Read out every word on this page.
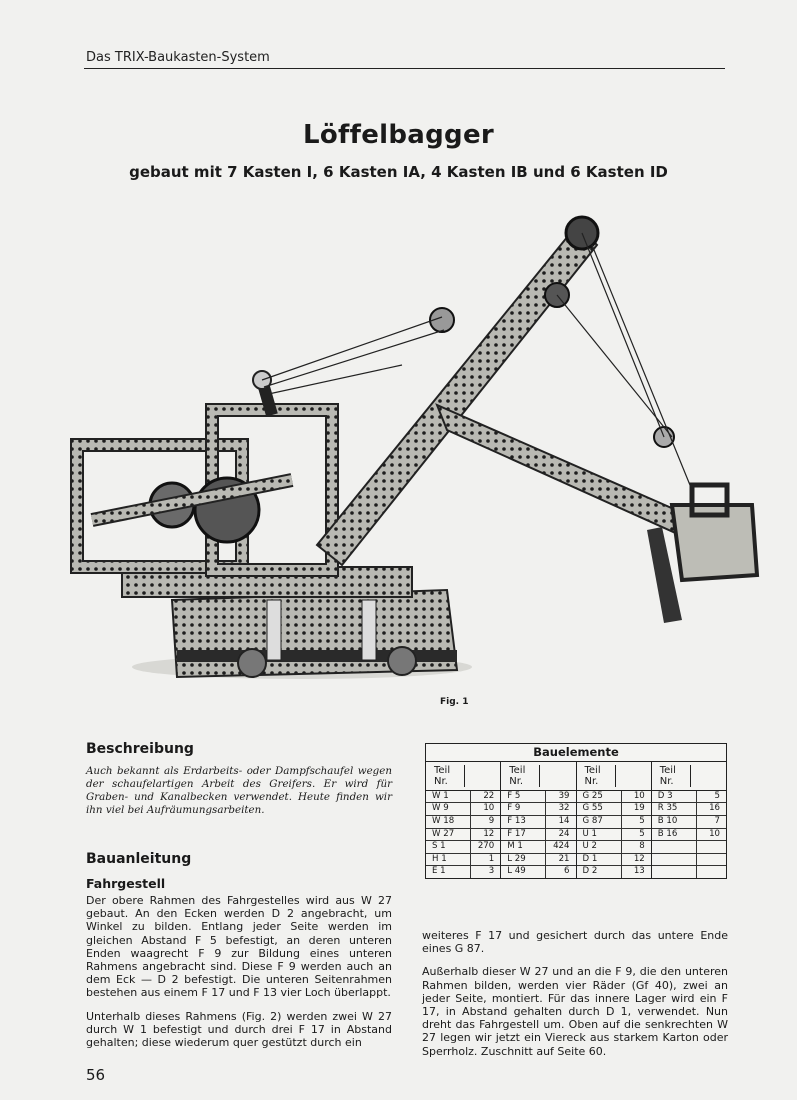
Das TRIX-Baukasten-System
Löffelbagger
gebaut mit 7 Kasten I, 6 Kasten IA, 4 Kasten IB und 6 Kasten ID
Fig. 1
Beschreibung
Auch bekannt als Erdarbeits- oder Dampfschaufel wegen der schaufelartigen Arbeit des Greifers. Er wird für Graben- und Kanalbecken verwendet. Heute finden wir ihn viel bei Aufräumungsarbeiten.
Bauanleitung
Fahrgestell

Der obere Rahmen des Fahrgestelles wird aus W 27 gebaut. An den Ecken werden D 2 angebracht, um Winkel zu bilden. Entlang jeder Seite werden im gleichen Abstand F 5 befestigt, an deren unteren Enden waagrecht F 9 zur Bildung eines unteren Rahmens angebracht sind. Diese F 9 werden auch an dem Eck — D 2 befestigt. Die unteren Seitenrahmen bestehen aus einem F 17 und F 13 vier Loch überlappt.

Unterhalb dieses Rahmens (Fig. 2) werden zwei W 27 durch W 1 befestigt und durch drei F 17 in Abstand gehalten; diese wiederum quer gestützt durch ein

weiteres F 17 und gesichert durch das untere Ende eines G 87.

Außerhalb dieser W 27 und an die F 9, die den unteren Rahmen bilden, werden vier Räder (Gf 40), zwei an jeder Seite, montiert. Für das innere Lager wird ein F 17, in Abstand gehalten durch D 1, verwendet. Nun dreht das Fahrgestell um. Oben auf die senkrechten W 27 legen wir jetzt ein Viereck aus starkem Karton oder Sperrholz. Zuschnitt auf Seite 60.

Bauelemente
Teil
Nr.
W 1	22
W 9	10
W 18	9
W 27	12
S 1	270
H 1	1
E 1	3
Teil
Nr.
F 5	39
F 9	32
F 13	14
F 17	24
M 1	424
L 29	21
L 49	6
Teil
Nr.
G 25	10
G 55	19
G 87	5
U 1	5
U 2	8
D 1	12
D 2	13
Teil
Nr.
D 3	5
R 35	16
B 10	7
B 16	10
56
